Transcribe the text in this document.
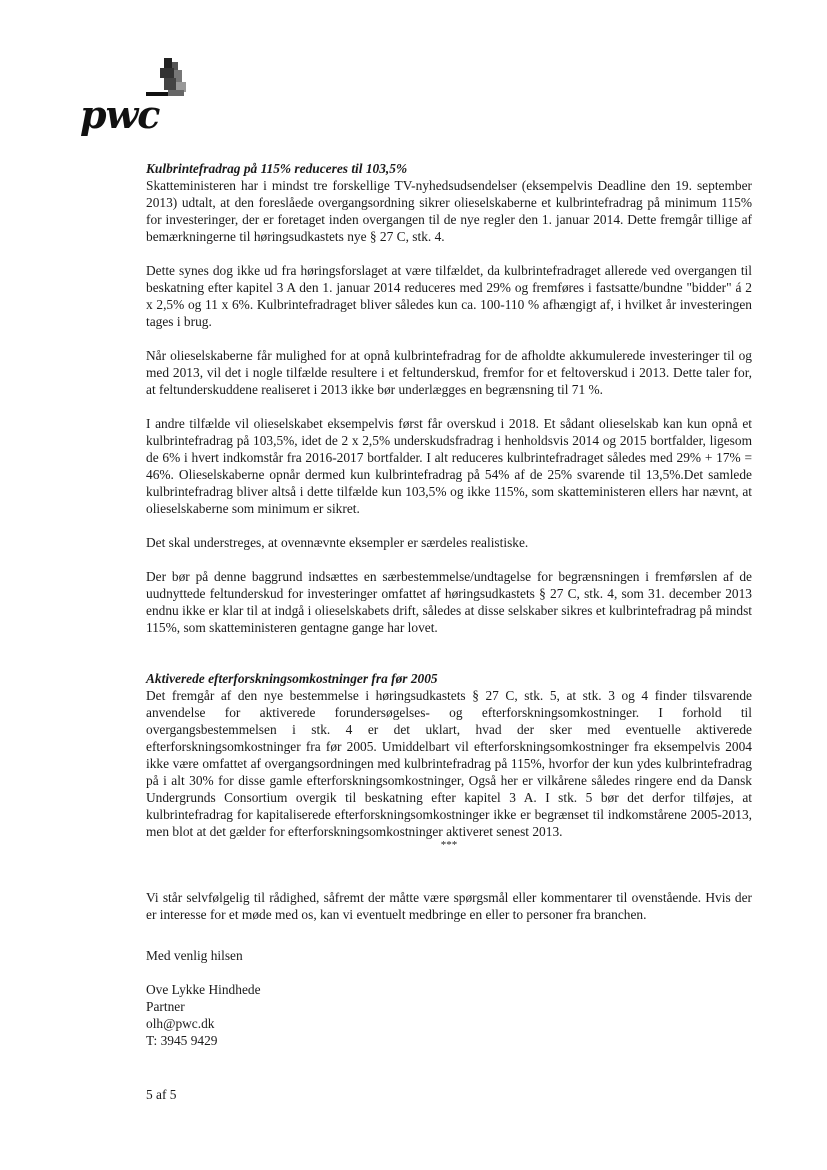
pwc
Kulbrintefradrag på 115% reduceres til 103,5%

Skatteministeren har i mindst tre forskellige TV-nyhedsudsendelser (eksempelvis Deadline den 19. september 2013) udtalt, at den foreslåede overgangsordning sikrer olieselskaberne et kulbrintefradrag på minimum 115% for investeringer, der er foretaget inden overgangen til de nye regler den 1. januar 2014. Dette fremgår tillige af bemærkningerne til høringsudkastets nye § 27 C, stk. 4.

Dette synes dog ikke ud fra høringsforslaget at være tilfældet, da kulbrintefradraget allerede ved overgangen til beskatning efter kapitel 3 A den 1. januar 2014 reduceres med 29% og fremføres i fastsatte/bundne "bidder" á 2 x 2,5% og 11 x 6%. Kulbrintefradraget bliver således kun ca. 100-110 % afhængigt af, i hvilket år investeringen tages i brug.

Når olieselskaberne får mulighed for at opnå kulbrintefradrag for de afholdte akkumulerede investeringer til og med 2013, vil det i nogle tilfælde resultere i et feltunderskud, fremfor for et feltoverskud i 2013. Dette taler for, at feltunderskuddene realiseret i 2013 ikke bør underlægges en begrænsning til 71 %.

I andre tilfælde vil olieselskabet eksempelvis først får overskud i 2018. Et sådant olieselskab kan kun opnå et kulbrintefradrag på 103,5%, idet de 2 x 2,5% underskudsfradrag i henholdsvis 2014 og 2015 bortfalder, ligesom de 6% i hvert indkomstår fra 2016-2017 bortfalder. I alt reduceres kulbrintefradraget således med 29% + 17% = 46%. Olieselskaberne opnår dermed kun kulbrintefradrag på 54% af de 25% svarende til 13,5%.Det samlede kulbrintefradrag bliver altså i dette tilfælde kun 103,5% og ikke 115%, som skatteministeren ellers har nævnt, at olieselskaberne som minimum er sikret.

Det skal understreges, at ovennævnte eksempler er særdeles realistiske.

Der bør på denne baggrund indsættes en særbestemmelse/undtagelse for begrænsningen i fremførslen af de uudnyttede feltunderskud for investeringer omfattet af høringsudkastets § 27 C, stk. 4, som 31. december 2013 endnu ikke er klar til at indgå i olieselskabets drift, således at disse selskaber sikres et kulbrintefradrag på mindst 115%, som skatteministeren gentagne gange har lovet.

Aktiverede efterforskningsomkostninger fra før 2005

Det fremgår af den nye bestemmelse i høringsudkastets § 27 C, stk. 5, at stk. 3 og 4 finder tilsvarende anvendelse for aktiverede forundersøgelses- og efterforskningsomkostninger. I forhold til overgangsbestemmelsen i stk. 4 er det uklart, hvad der sker med eventuelle aktiverede efterforskningsomkostninger fra før 2005. Umiddelbart vil efterforskningsomkostninger fra eksempelvis 2004 ikke være omfattet af overgangsordningen med kulbrintefradrag på 115%, hvorfor der kun ydes kulbrintefradrag på i alt 30% for disse gamle efterforskningsomkostninger, Også her er vilkårene således ringere end da Dansk Undergrunds Consortium overgik til beskatning efter kapitel 3 A. I stk. 5 bør det derfor tilføjes, at kulbrintefradrag for kapitaliserede efterforskningsomkostninger ikke er begrænset til indkomstårene 2005-2013, men blot at det gælder for efterforskningsomkostninger aktiveret senest 2013.

***

Vi står selvfølgelig til rådighed, såfremt der måtte være spørgsmål eller kommentarer til ovenstående. Hvis der er interesse for et møde med os, kan vi eventuelt medbringe en eller to personer fra branchen.

Med venlig hilsen
Ove Lykke Hindhede
Partner
olh@pwc.dk
T: 3945 9429
5 af 5
